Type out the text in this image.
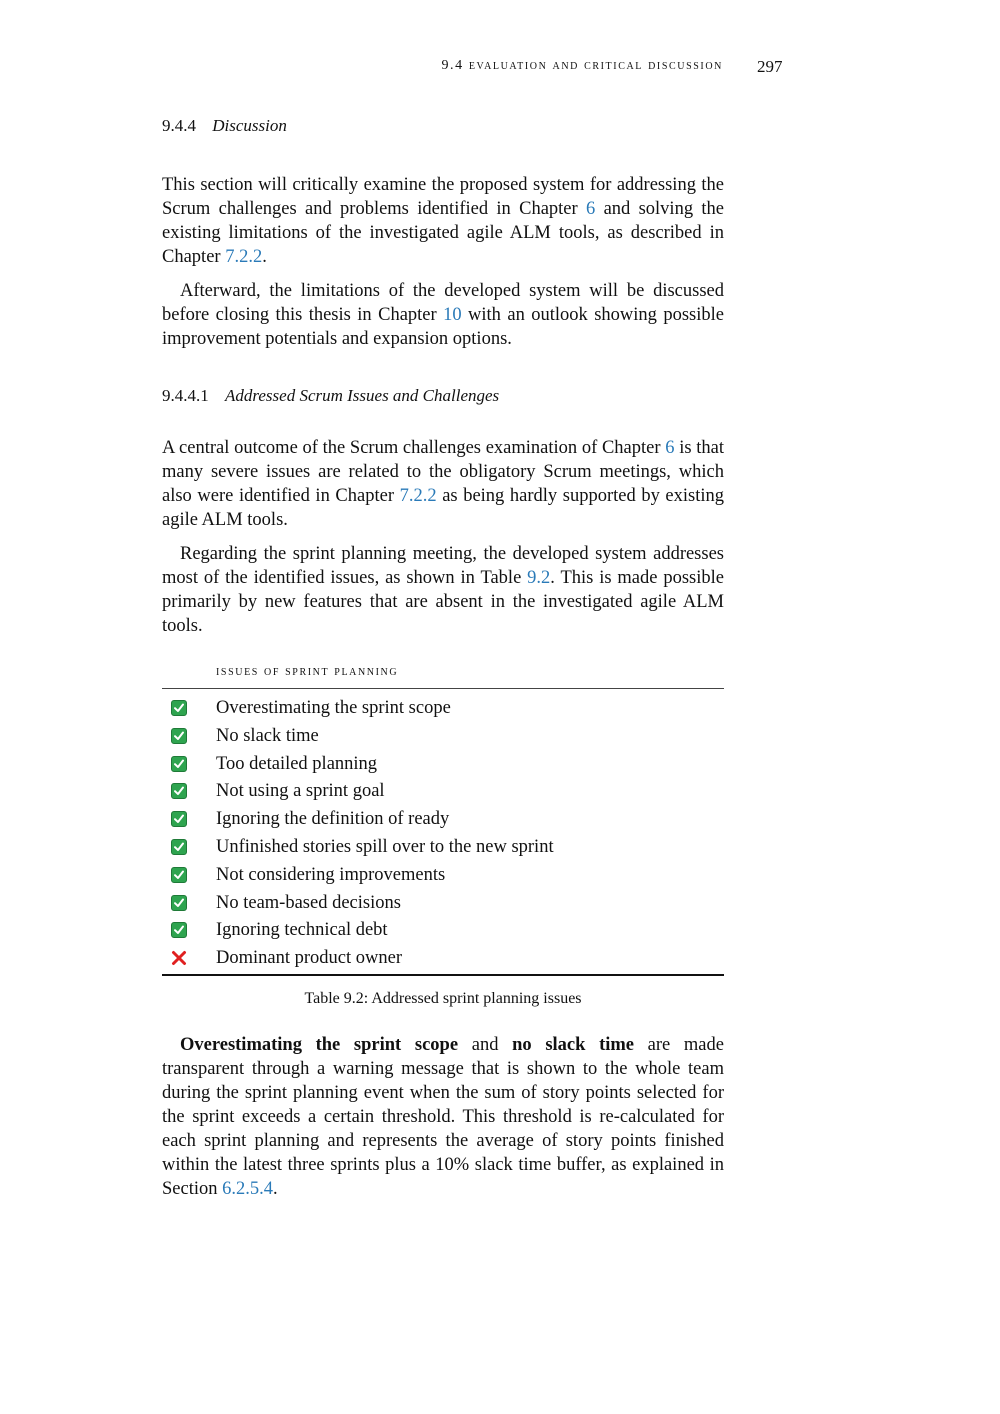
9.4 evaluation and critical discussion 297
9.4.4 Discussion

This section will critically examine the proposed system for addressing the Scrum challenges and problems identified in Chapter 6 and solving the existing limitations of the investigated agile ALM tools, as described in Chapter 7.2.2.

Afterward, the limitations of the developed system will be discussed before closing this thesis in Chapter 10 with an outlook showing possible improvement potentials and expansion options.

9.4.4.1 Addressed Scrum Issues and Challenges

A central outcome of the Scrum challenges examination of Chapter 6 is that many severe issues are related to the obligatory Scrum meetings, which also were identified in Chapter 7.2.2 as being hardly supported by existing agile ALM tools.

Regarding the sprint planning meeting, the developed system addresses most of the identified issues, as shown in Table 9.2. This is made possible primarily by new features that are absent in the investigated agile ALM tools.

issues of sprint planning
Overestimating the sprint scope
No slack time
Too detailed planning
Not using a sprint goal
Ignoring the definition of ready
Unfinished stories spill over to the new sprint
Not considering improvements
No team-based decisions
Ignoring technical debt
Dominant product owner
Table 9.2: Addressed sprint planning issues

Overestimating the sprint scope and no slack time are made transparent through a warning message that is shown to the whole team during the sprint planning event when the sum of story points selected for the sprint exceeds a certain threshold. This threshold is re-calculated for each sprint planning and represents the average of story points finished within the latest three sprints plus a 10% slack time buffer, as explained in Section 6.2.5.4.
